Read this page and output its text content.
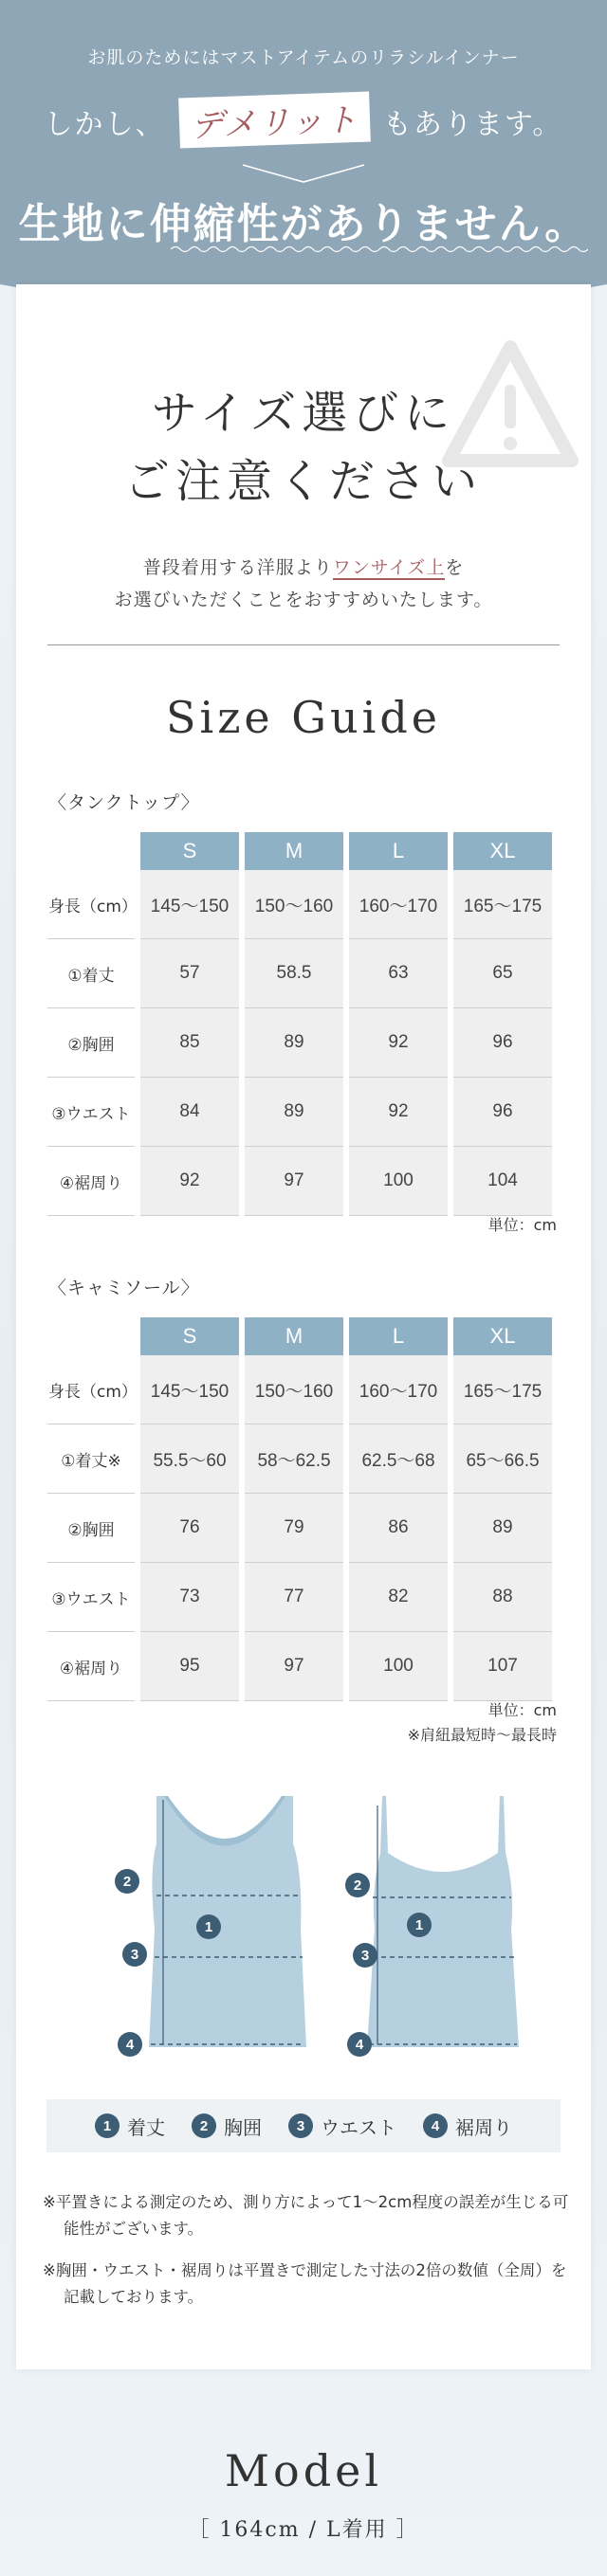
お肌のためにはマストアイテムのリラシルインナー
しかし、 デメリット もあります。
生地に伸縮性がありません。
サイズ選びに
ご注意ください
普段着用する洋服よりワンサイズ上を
お選びいただくことをおすすめいたします。
Size Guide
〈タンクトップ〉
	S	M	L	XL
身長（cm）	145〜150	150〜160	160〜170	165〜175
①着丈	57	58.5	63	65
②胸囲	85	89	92	96
③ウエスト	84	89	92	96
④裾周り	92	97	100	104
単位：cm
〈キャミソール〉
	S	M	L	XL
身長（cm）	145〜150	150〜160	160〜170	165〜175
①着丈※	55.5〜60	58〜62.5	62.5〜68	65〜66.5
②胸囲	76	79	86	89
③ウエスト	73	77	82	88
④裾周り	95	97	100	107
単位：cm
※肩紐最短時〜最長時
2
1
3
4
2
1
3
4
1 着丈	2 胸囲	3 ウエスト	4 裾周り

※平置きによる測定のため、測り方によって1〜2cm程度の誤差が生じる可能性がございます。

※胸囲・ウエスト・裾周りは平置きで測定した寸法の2倍の数値（全周）を記載しております。

Model
［ 164cm / L着用 ］
